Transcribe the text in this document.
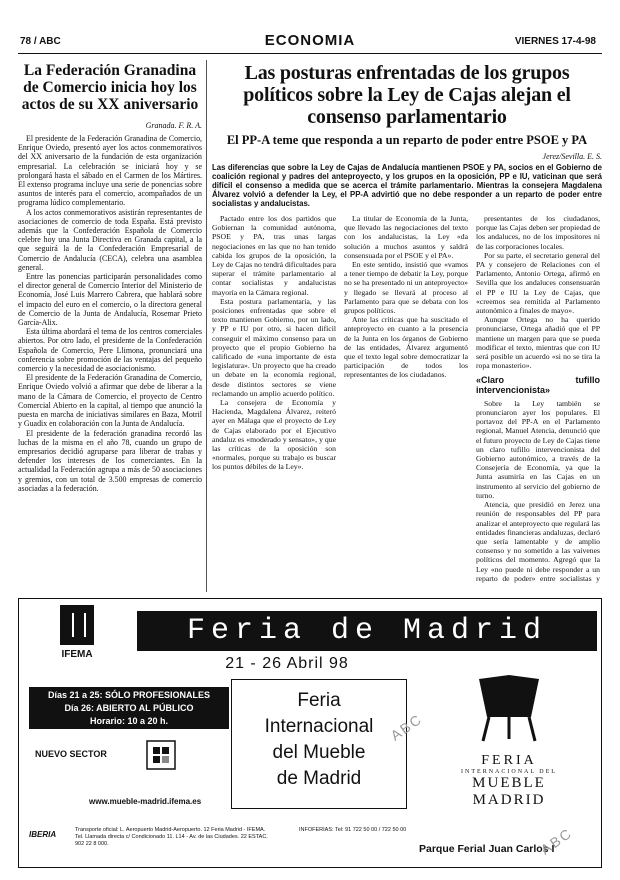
78 / ABC	ECONOMIA	VIERNES 17-4-98
La Federación Granadina de Comercio inicia hoy los actos de su XX aniversario
Granada. F. R. A.

El presidente de la Federación Granadina de Comercio, Enrique Oviedo, presentó ayer los actos conmemorativos del XX aniversario de la fundación de esta organización empresarial. La celebración se iniciará hoy y se prolongará hasta el sábado en el Carmen de los Mártires. El extenso programa incluye una serie de ponencias sobre asuntos de interés para el comercio, acompañados de un programa lúdico complementario.

A los actos conmemorativos asistirán representantes de asociaciones de comercio de toda España. Está previsto además que la Confederación Española de Comercio celebre hoy una Junta Directiva en Granada capital, a la que seguirá la de la Confederación Empresarial de Comercio de Andalucía (CECA), celebra una asamblea general.

Entre las ponencias participarán personalidades como el director general de Comercio Interior del Ministerio de Economía, José Luis Marrero Cabrera, que hablará sobre el impacto del euro en el comercio, o la directora general de Comercio de la Junta de Andalucía, Rosemar Prieto García-Alix.

Esta última abordará el tema de los centros comerciales abiertos. Por otro lado, el presidente de la Confederación Española de Comercio, Pere Llimona, pronunciará una conferencia sobre promoción de las ventajas del pequeño comercio y la necesidad de asociacionismo.

El presidente de la Federación Granadina de Comercio, Enrique Oviedo volvió a afirmar que debe de liberar a la mano de la Cámara de Comercio, el proyecto de Centro Comercial Abierto en la capital, al tiempo que anunció la puesta en marcha de iniciativas similares en Baza, Motril y Guadix en colaboración con la Junta de Andalucía.

El presidente de la federación granadina recordó las luchas de la misma en el año 78, cuando un grupo de empresarios decidió agruparse para liberar de trabas y defender los intereses de los comerciantes. En la actualidad la Federación agrupa a más de 50 asociaciones y gremios, con un total de 3.500 empresas de comercio asociadas a la federación.

Las posturas enfrentadas de los grupos políticos sobre la Ley de Cajas alejan el consenso parlamentario
El PP-A teme que responda a un reparto de poder entre PSOE y PA
Jerez/Sevilla. E. S.
Las diferencias que sobre la Ley de Cajas de Andalucía mantienen PSOE y PA, socios en el Gobierno de coalición regional y padres del anteproyecto, y los grupos en la oposición, PP e IU, vaticinan que será difícil el consenso a medida que se acerca el trámite parlamentario. Mientras la consejera Magdalena Álvarez volvió a defender la Ley, el PP-A advirtió que no debe responder a un reparto de poder entre socialistas y andalucistas.

Pactado entre los dos partidos que Gobiernan la comunidad autónoma, PSOE y PA, tras unas largas negociaciones en las que no han tenido cabida los grupos de la oposición, la Ley de Cajas no tendrá dificultades para superar el trámite parlamentario al contar socialistas y andalucistas mayoría en la Cámara regional.

Esta postura parlamentaria, y las posiciones enfrentadas que sobre el texto mantienen Gobierno, por un lado, y PP e IU por otro, si hacen difícil conseguir el máximo consenso para un proyecto que el propio Gobierno ha calificado de «una importante de esta legislatura». Un proyecto que ha creado un debate en la economía regional, desde distintos sectores se viene reclamando un amplio acuerdo político.

La consejera de Economía y Hacienda, Magdalena Álvarez, reiteró ayer en Málaga que el proyecto de Ley de Cajas elaborado por el Ejecutivo andaluz es «moderado y sensato», y que las críticas de la oposición son «normales, porque su trabajo es buscar los puntos débiles de la Ley».

La titular de Economía de la Junta, que llevado las negociaciones del texto con los andalucistas, la Ley «da solución a muchos asuntos y saldrá consensuada por el PSOE y el PA».

En este sentido, insistió que «vamos a tener tiempo de debatir la Ley, porque no se ha presentado ni un anteproyecto» y llegado se llevará al proceso al Parlamento para que se debata con los grupos políticos.

Ante las críticas que ha suscitado el anteproyecto en cuanto a la presencia de la Junta en los órganos de Gobierno de las entidades, Álvarez argumentó que el texto legal sobre democratizar la participación de todos los representantes de los ciudadanos.

presentantes de los ciudadanos, porque las Cajas deben ser propiedad de los andaluces, no de los impositores ni de las corporaciones locales.

Por su parte, el secretario general del PA y consejero de Relaciones con el Parlamento, Antonio Ortega, afirmó en Sevilla que los andaluces consensuarán el PP e IU la Ley de Cajas, que «creemos sea remitida al Parlamento autonómico a finales de mayo».

Aunque Ortega no ha querido pronunciarse, Ortega añadió que el PP mantiene un margen para que se pueda modificar el texto, mientras que con IU será posible un acuerdo «si no se tira la ropa monasterio».

«Claro tufillo intervencionista»

Sobre la Ley también se pronunciaron ayer los populares. El portavoz del PP-A en el Parlamento regional, Manuel Atencia, denunció que el futuro proyecto de Ley de Cajas tiene un claro tufillo intervencionista del Gobierno autonómico, a través de la Consejería de Economía, ya que la Junta asumiría en las Cajas en un instrumento al servicio del gobierno de turno.

Atencia, que presidió en Jerez una reunión de responsables del PP para analizar el anteproyecto que regulará las entidades financieras andaluzas, declaró que sería lamentable y de amplio consenso y no sometido a las vaivenes políticos del momento. Agregó que la Ley «no puede ni debe responder a un reparto de poder» entre socialistas y

IFEMA
Feria de Madrid
21 - 26 Abril 98
Días 21 a 25: SÓLO PROFESIONALES
Día 26: ABIERTO AL PÚBLICO
Horario: 10 a 20 h.
Feria
Internacional
del Mueble
de Madrid
NUEVO SECTOR
www.mueble-madrid.ifema.es
FERIA
INTERNACIONAL DEL
MUEBLE
MADRID
IBERIA	Transporte oficial: L. Aeropuerto Madrid-Aeropuerto. 12 Feria Madrid - IFEMA. Tel. Llamada directa c/ Condicionado 11. L14 - Av. de las Ciudades. 22 ESTAC. 902 22 8 000.
INFOFERIAS: Tel: 91 722 50 00 / 722 50 00
Parque Ferial Juan Carlos I
ABC
ABC
